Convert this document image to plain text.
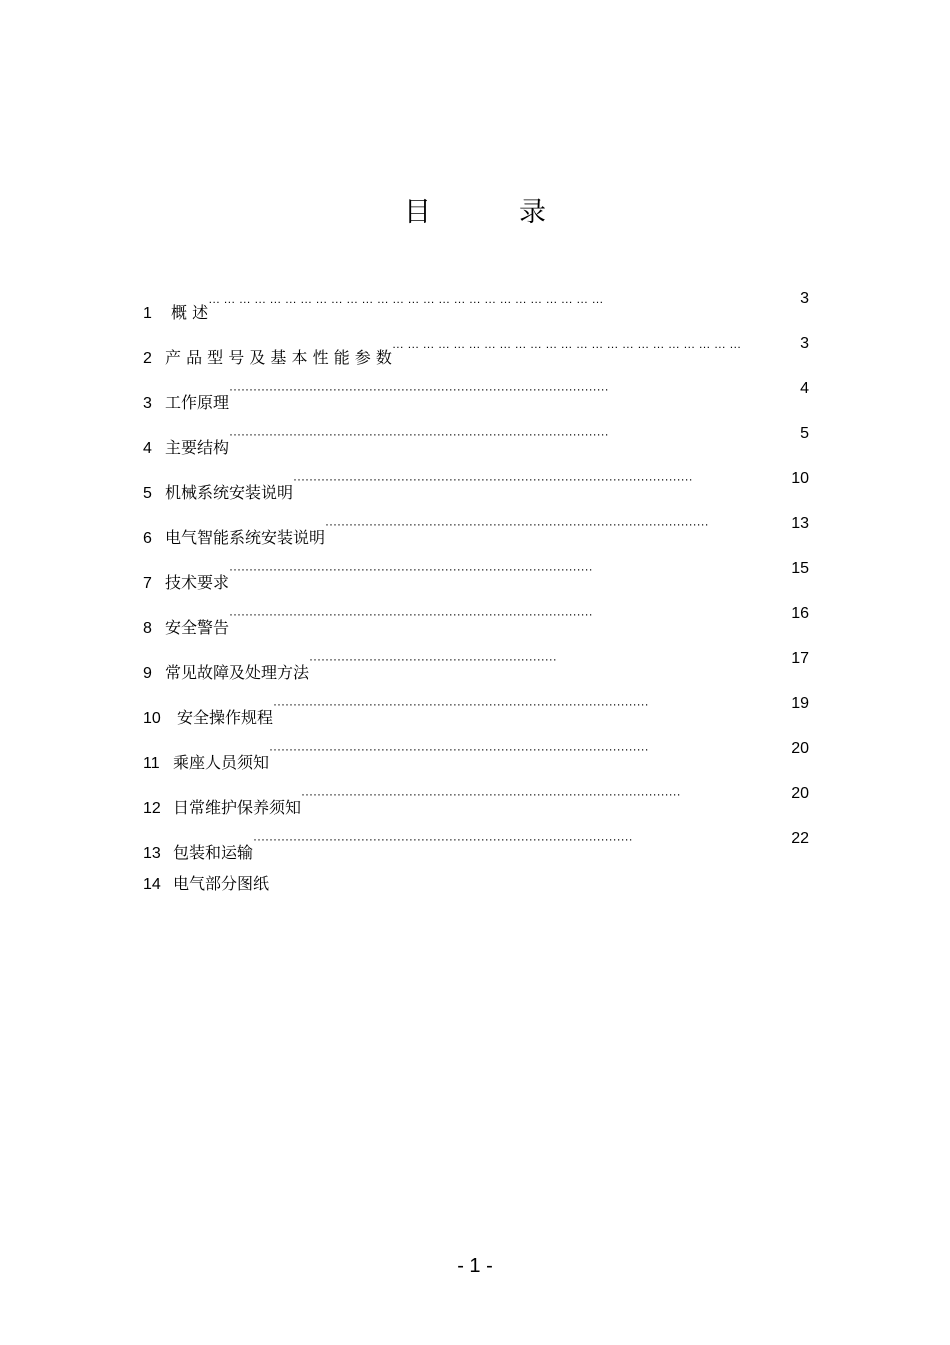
目	录
1 概 述… … … … … … … … … … … … … … … … … … … … … … … … … …	3
2 产 品 型 号 及 基 本 性 能 参 数… … … … … … … … … … … … … … … … … … … … … … …	3
3 工作原理·······························································································	4
4 主要结构·······························································································	5
5 机械系统安装说明····································································································	10
6 电气智能系统安装说明································································································	13
7 技术要求···························································································	15
8 安全警告···························································································	16
9 常见故障及处理方法······························································	17
10 安全操作规程······························································································	19
11 乘座人员须知·······························································································	20
12 日常维护保养须知·······························································································	20
13 包装和运输·······························································································	22
14 电气部分图纸
- 1 -
